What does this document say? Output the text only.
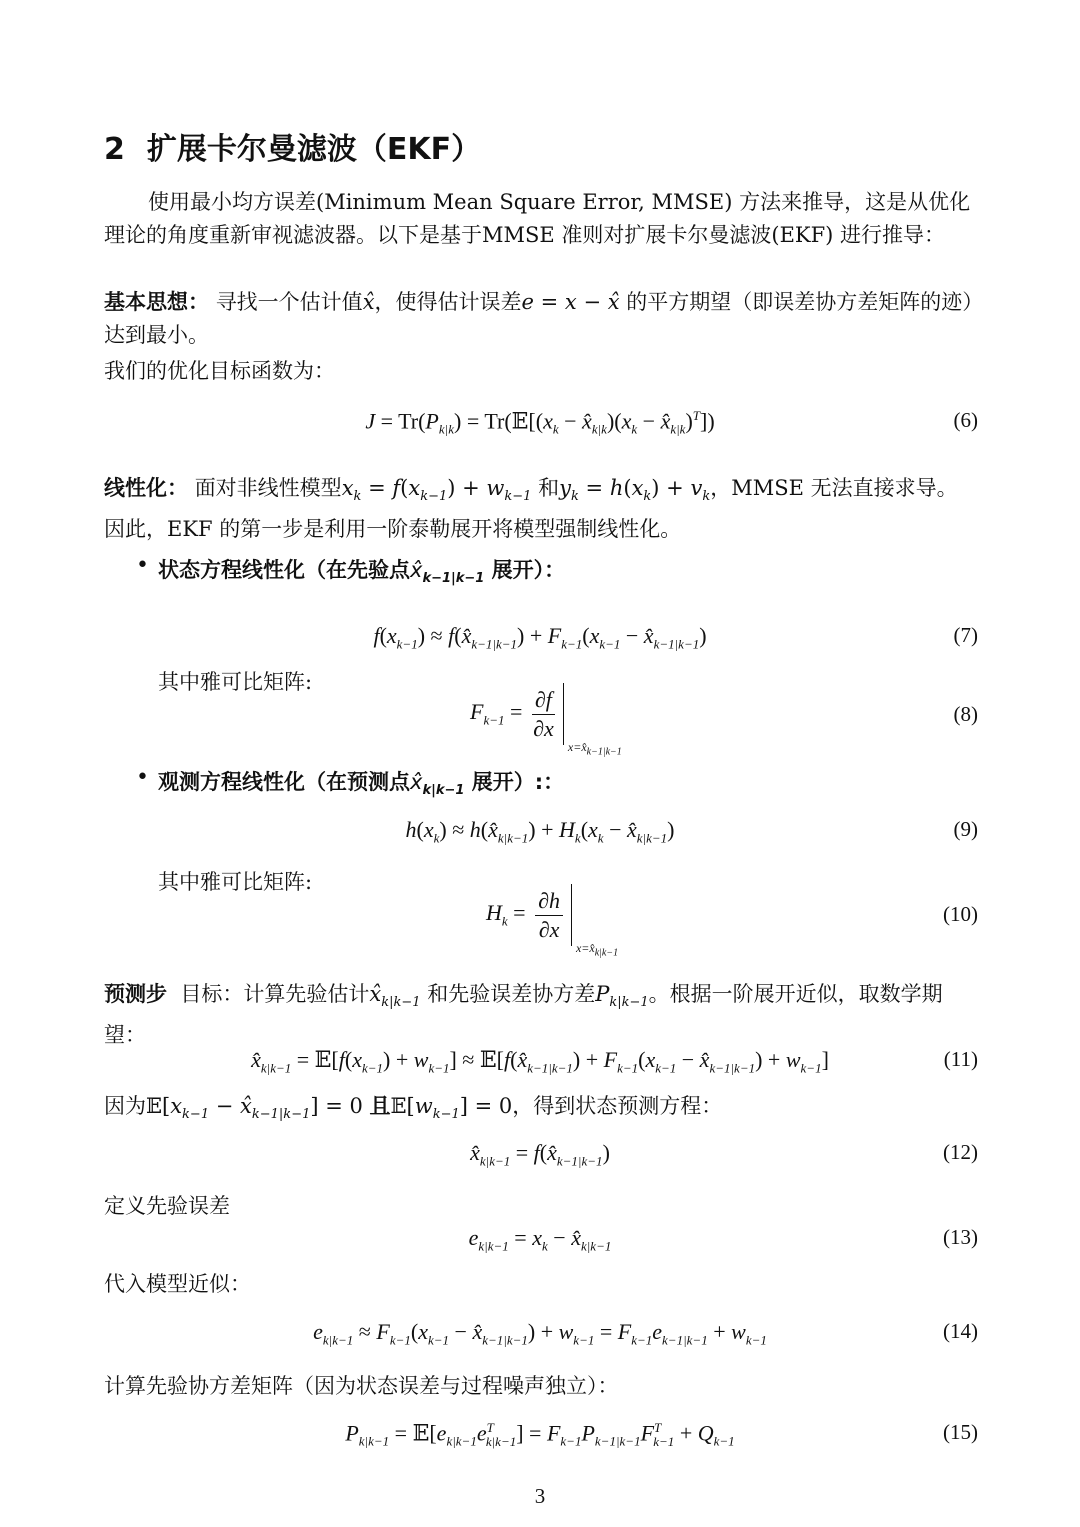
2 扩展卡尔曼滤波（EKF）
使用最小均方误差(Minimum Mean Square Error, MMSE) 方法来推导，这是从优化理论的角度重新审视滤波器。以下是基于MMSE 准则对扩展卡尔曼滤波(EKF) 进行推导：
基本思想： 寻找一个估计值x̂，使得估计误差e = x − x̂ 的平方期望（即误差协方差矩阵的迹）达到最小。
我们的优化目标函数为：
$J = Tr(P_{k|k})$ = $Tr(𝔼[(x_k$ − $x̂_{k|k})(x_k$ − $x̂_{k|k})^T$])	(6)
线性化： 面对非线性模型$x_k = f(x_{k-1}) + w_{k-1}$ 和$y_k = h(x_k) + v_k$，MMSE 无法直接求导。因此，EKF 的第一步是利用一阶泰勒展开将模型强制线性化。
• 状态方程线性化（在先验点$x̂_{k-1|k-1}$ 展开）：
$f(x_{k-1})$ ≈ $f(x̂_{k-1|k-1}) + F_{k-1}(x_{k-1}$ − $x̂_{k-1|k-1}$)	(7)
其中雅可比矩阵:
$F_{k-1} = \frac{\partial f}{\partial x}$
$x=x̂_{k-1|k-1}$
(8)
• 观测方程线性化（在预测点$x̂_{k|k-1}$ 展开）:：
$h(x_k)$ ≈ $h(x̂_{k|k-1}) + H_k(x_k$ − $x̂_{k|k-1}$)	(9)
其中雅可比矩阵:
$H_k = \frac{\partial h}{\partial x}$
$x=x̂_{k|k-1}$
(10)
预测步 目标：计算先验估计$x̂_{k|k-1}$ 和先验误差协方差$P_{k|k-1}$。根据一阶展开近似，取数学期望：
$x̂_{k|k-1}$ = $𝔼[f(x_{k-1}) + w_{k-1}]$ ≈ $𝔼[f(x̂_{k-1|k-1}) + F_{k-1}(x_{k-1}$ − $x̂_{k-1|k-1}) + w_{k-1}$]	(11)
因为$𝔼[x_{k-1}$ − $x̂_{k-1|k-1}] = 0$ 且$𝔼[w_{k-1}] = 0$，得到状态预测方程：
$x̂_{k|k-1}$ = $f(x̂_{k-1|k-1})$	(12)
定义先验误差
$e_{k|k-1} = x_k$ − $x̂_{k|k-1}$	(13)
代入模型近似：
$e_{k|k-1} \approx F_{k-1}(x_{k-1}$ − $x̂_{k-1|k-1}) + w_{k-1} = F_{k-1}e_{k-1|k-1} + w_{k-1}$	(14)
计算先验协方差矩阵（因为状态误差与过程噪声独立）：
$P_{k|k-1}$ = $𝔼[e_{k|k-1}e^T_{k|k-1}] = F_{k-1}P_{k-1|k-1}F^T_{k-1} + Q_{k-1}$	(15)
3
